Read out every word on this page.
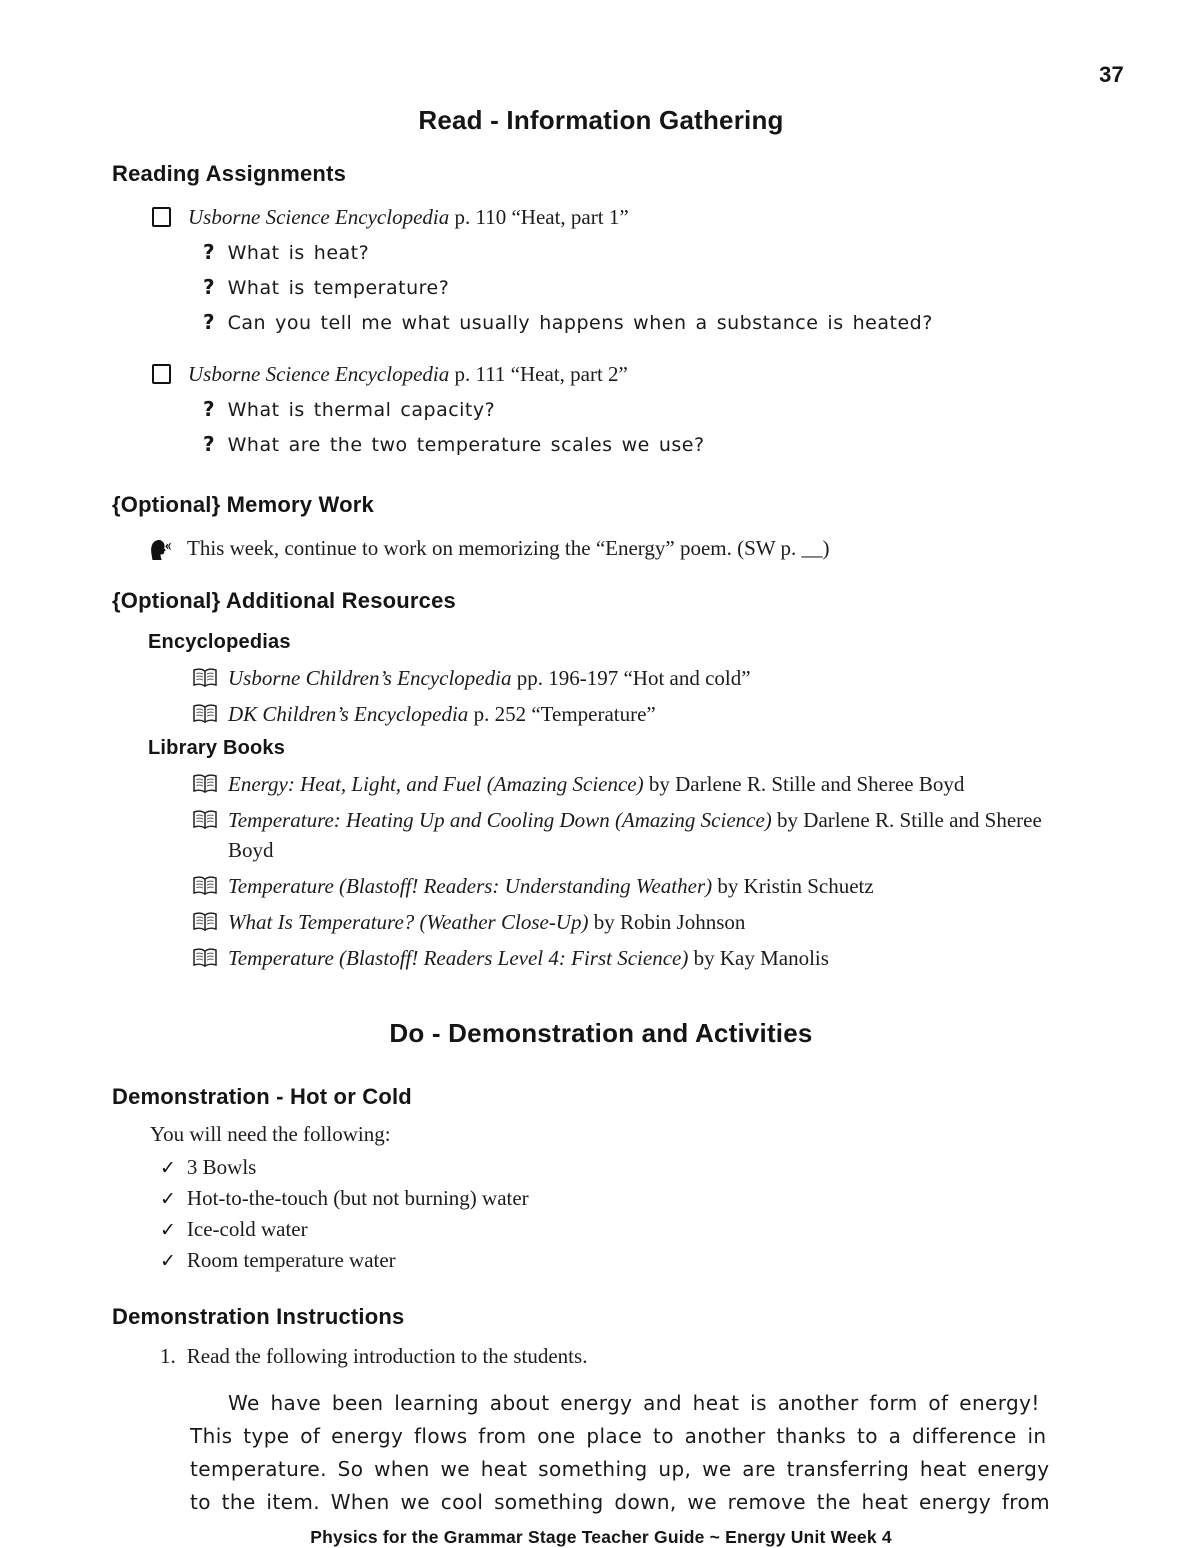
37
Read - Information Gathering
Reading Assignments
Usborne Science Encyclopedia p. 110 “Heat, part 1”
? What is heat?
? What is temperature?
? Can you tell me what usually happens when a substance is heated?
Usborne Science Encyclopedia p. 111 “Heat, part 2”
? What is thermal capacity?
? What are the two temperature scales we use?
{Optional} Memory Work
This week, continue to work on memorizing the “Energy” poem. (SW p. __)
{Optional} Additional Resources
Encyclopedias
Usborne Children’s Encyclopedia pp. 196-197 “Hot and cold”
DK Children’s Encyclopedia p. 252 “Temperature”
Library Books
Energy: Heat, Light, and Fuel (Amazing Science) by Darlene R. Stille and Sheree Boyd
Temperature: Heating Up and Cooling Down (Amazing Science) by Darlene R. Stille and Sheree Boyd
Temperature (Blastoff! Readers: Understanding Weather) by Kristin Schuetz
What Is Temperature? (Weather Close-Up) by Robin Johnson
Temperature (Blastoff! Readers Level 4: First Science) by Kay Manolis
Do - Demonstration and Activities
Demonstration - Hot or Cold
You will need the following:
✓ 3 Bowls
✓ Hot-to-the-touch (but not burning) water
✓ Ice-cold water
✓ Room temperature water
Demonstration Instructions
1. Read the following introduction to the students.
We have been learning about energy and heat is another form of energy!
This type of energy flows from one place to another thanks to a difference in
temperature. So when we heat something up, we are transferring heat energy
to the item. When we cool something down, we remove the heat energy from
Physics for the Grammar Stage Teacher Guide ~ Energy Unit Week 4
